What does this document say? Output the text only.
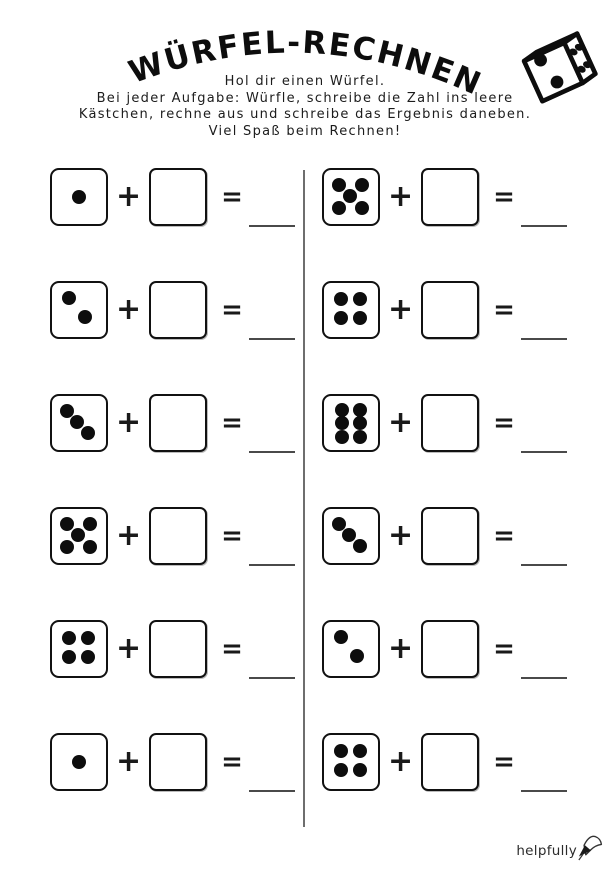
WÜRFEL-RECHNEN
Hol dir einen Würfel.
Bei jeder Aufgabe: Würfle, schreibe die Zahl ins leere
Kästchen, rechne aus und schreibe das Ergebnis daneben.
Viel Spaß beim Rechnen!
+	=
+	=
+	=
+	=
+	=
+	=
+	=
+	=
+	=
+	=
+	=
+	=
helpfully
